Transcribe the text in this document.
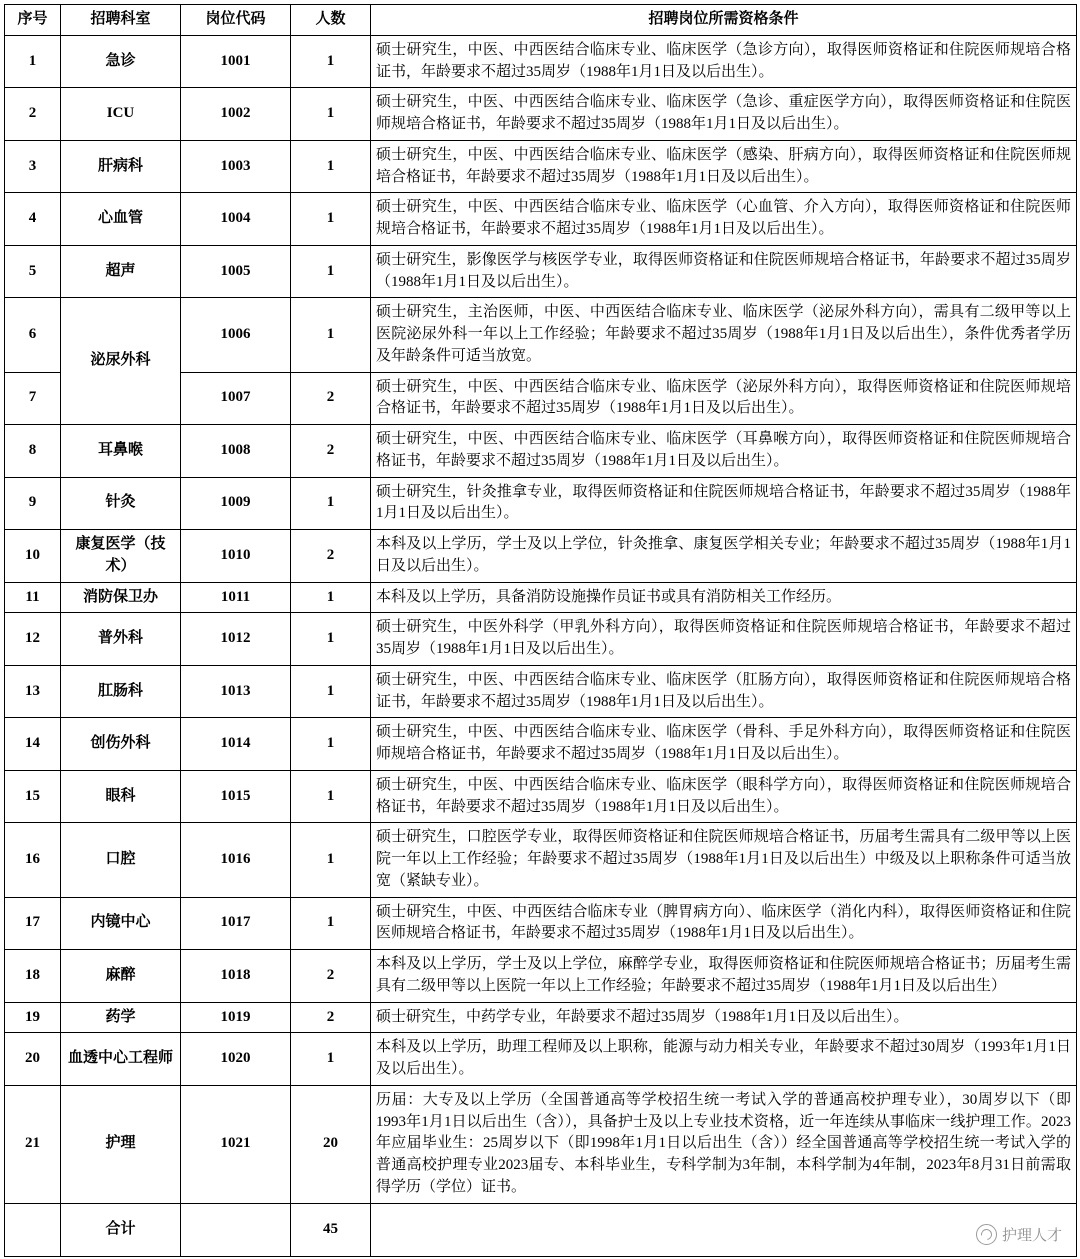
序号	招聘科室	岗位代码	人数	招聘岗位所需资格条件
1	急诊	1001	1	硕士研究生，中医、中西医结合临床专业、临床医学（急诊方向），取得医师资格证和住院医师规培合格证书，年龄要求不超过35周岁（1988年1月1日及以后出生）。
2	ICU	1002	1	硕士研究生，中医、中西医结合临床专业、临床医学（急诊、重症医学方向），取得医师资格证和住院医师规培合格证书，年龄要求不超过35周岁（1988年1月1日及以后出生）。
3	肝病科	1003	1	硕士研究生，中医、中西医结合临床专业、临床医学（感染、肝病方向），取得医师资格证和住院医师规培合格证书，年龄要求不超过35周岁（1988年1月1日及以后出生）。
4	心血管	1004	1	硕士研究生，中医、中西医结合临床专业、临床医学（心血管、介入方向），取得医师资格证和住院医师规培合格证书，年龄要求不超过35周岁（1988年1月1日及以后出生）。
5	超声	1005	1	硕士研究生，影像医学与核医学专业，取得医师资格证和住院医师规培合格证书，年龄要求不超过35周岁（1988年1月1日及以后出生）。
6	泌尿外科	1006	1	硕士研究生，主治医师，中医、中西医结合临床专业、临床医学（泌尿外科方向），需具有二级甲等以上医院泌尿外科一年以上工作经验；年龄要求不超过35周岁（1988年1月1日及以后出生），条件优秀者学历及年龄条件可适当放宽。
7		1007	2	硕士研究生，中医、中西医结合临床专业、临床医学（泌尿外科方向），取得医师资格证和住院医师规培合格证书，年龄要求不超过35周岁（1988年1月1日及以后出生）。
8	耳鼻喉	1008	2	硕士研究生，中医、中西医结合临床专业、临床医学（耳鼻喉方向），取得医师资格证和住院医师规培合格证书，年龄要求不超过35周岁（1988年1月1日及以后出生）。
9	针灸	1009	1	硕士研究生，针灸推拿专业，取得医师资格证和住院医师规培合格证书，年龄要求不超过35周岁（1988年1月1日及以后出生）。
10	康复医学（技术）	1010	2	本科及以上学历，学士及以上学位，针灸推拿、康复医学相关专业；年龄要求不超过35周岁（1988年1月1日及以后出生）。
11	消防保卫办	1011	1	本科及以上学历，具备消防设施操作员证书或具有消防相关工作经历。
12	普外科	1012	1	硕士研究生，中医外科学（甲乳外科方向），取得医师资格证和住院医师规培合格证书，年龄要求不超过35周岁（1988年1月1日及以后出生）。
13	肛肠科	1013	1	硕士研究生，中医、中西医结合临床专业、临床医学（肛肠方向），取得医师资格证和住院医师规培合格证书，年龄要求不超过35周岁（1988年1月1日及以后出生）。
14	创伤外科	1014	1	硕士研究生，中医、中西医结合临床专业、临床医学（骨科、手足外科方向），取得医师资格证和住院医师规培合格证书，年龄要求不超过35周岁（1988年1月1日及以后出生）。
15	眼科	1015	1	硕士研究生，中医、中西医结合临床专业、临床医学（眼科学方向），取得医师资格证和住院医师规培合格证书，年龄要求不超过35周岁（1988年1月1日及以后出生）。
16	口腔	1016	1	硕士研究生，口腔医学专业，取得医师资格证和住院医师规培合格证书，历届考生需具有二级甲等以上医院一年以上工作经验；年龄要求不超过35周岁（1988年1月1日及以后出生）中级及以上职称条件可适当放宽（紧缺专业）。
17	内镜中心	1017	1	硕士研究生，中医、中西医结合临床专业（脾胃病方向）、临床医学（消化内科），取得医师资格证和住院医师规培合格证书，年龄要求不超过35周岁（1988年1月1日及以后出生）。
18	麻醉	1018	2	本科及以上学历，学士及以上学位，麻醉学专业，取得医师资格证和住院医师规培合格证书；历届考生需具有二级甲等以上医院一年以上工作经验；年龄要求不超过35周岁（1988年1月1日及以后出生）
19	药学	1019	2	硕士研究生，中药学专业，年龄要求不超过35周岁（1988年1月1日及以后出生）。
20	血透中心工程师	1020	1	本科及以上学历，助理工程师及以上职称，能源与动力相关专业，年龄要求不超过30周岁（1993年1月1日及以后出生）。
21	护理	1021	20	历届：大专及以上学历（全国普通高等学校招生统一考试入学的普通高校护理专业），30周岁以下（即1993年1月1日以后出生（含）），具备护士及以上专业技术资格，近一年连续从事临床一线护理工作。2023年应届毕业生：25周岁以下（即1998年1月1日以后出生（含））经全国普通高等学校招生统一考试入学的普通高校护理专业2023届专、本科毕业生，专科学制为3年制，本科学制为4年制，2023年8月31日前需取得学历（学位）证书。
	合计		45		护理人才
